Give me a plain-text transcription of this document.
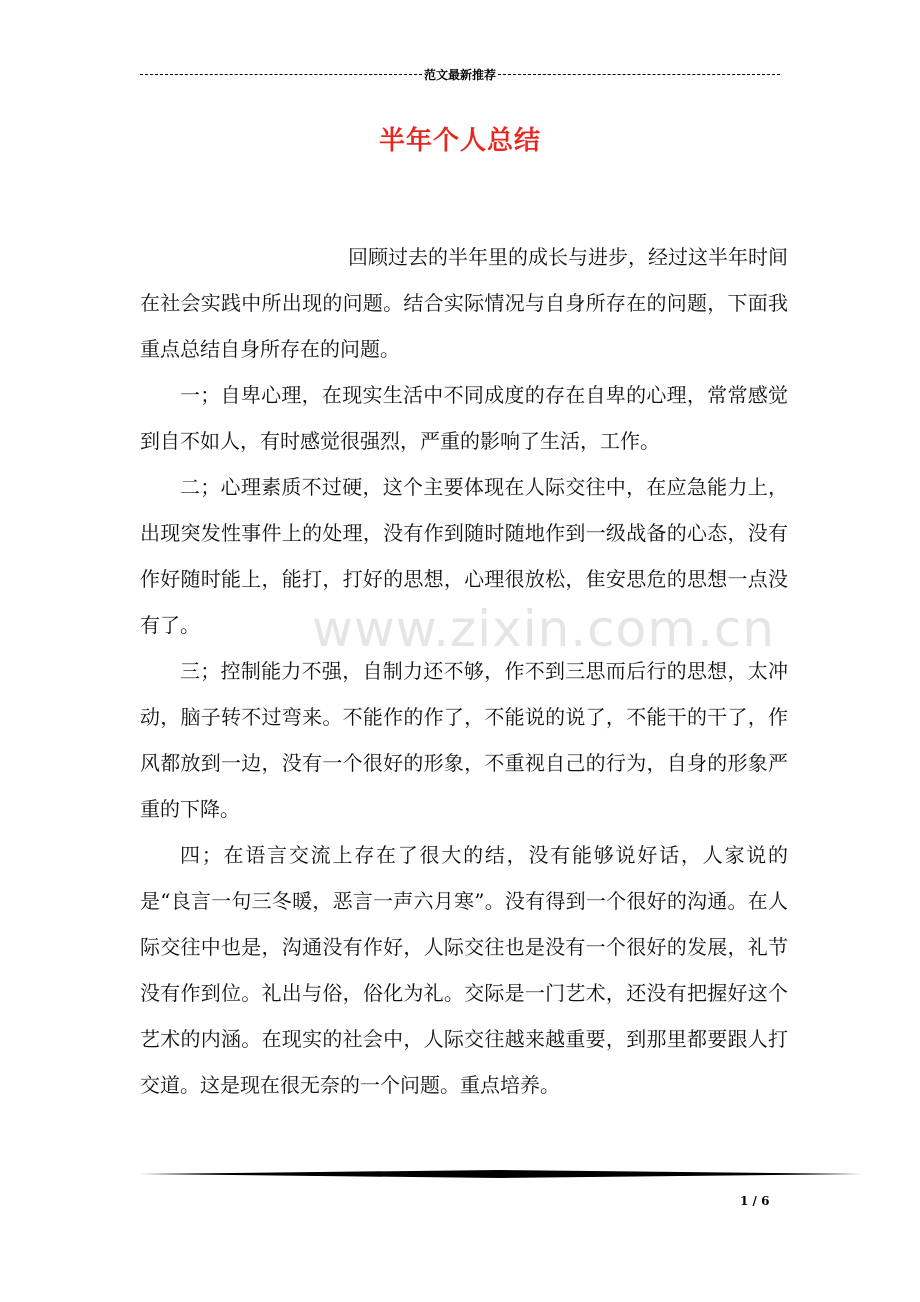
范文最新推荐
半年个人总结

回顾过去的半年里的成长与进步，经过这半年时间在社会实践中所出现的问题。结合实际情况与自身所存在的问题，下面我重点总结自身所存在的问题。

一；自卑心理，在现实生活中不同成度的存在自卑的心理，常常感觉到自不如人，有时感觉很强烈，严重的影响了生活，工作。

二；心理素质不过硬，这个主要体现在人际交往中，在应急能力上，出现突发性事件上的处理，没有作到随时随地作到一级战备的心态，没有作好随时能上，能打，打好的思想，心理很放松，隹安思危的思想一点没有了。

三；控制能力不强，自制力还不够，作不到三思而后行的思想，太冲动，脑子转不过弯来。不能作的作了，不能说的说了，不能干的干了，作风都放到一边，没有一个很好的形象，不重视自己的行为，自身的形象严重的下降。

四；在语言交流上存在了很大的结，没有能够说好话，人家说的是“良言一句三冬暖，恶言一声六月寒”。没有得到一个很好的沟通。在人际交往中也是，沟通没有作好，人际交往也是没有一个很好的发展，礼节没有作到位。礼出与俗，俗化为礼。交际是一门艺术，还没有把握好这个艺术的内涵。在现实的社会中，人际交往越来越重要，到那里都要跟人打交道。这是现在很无奈的一个问题。重点培养。

www.zixin.com.cn
1 / 6
